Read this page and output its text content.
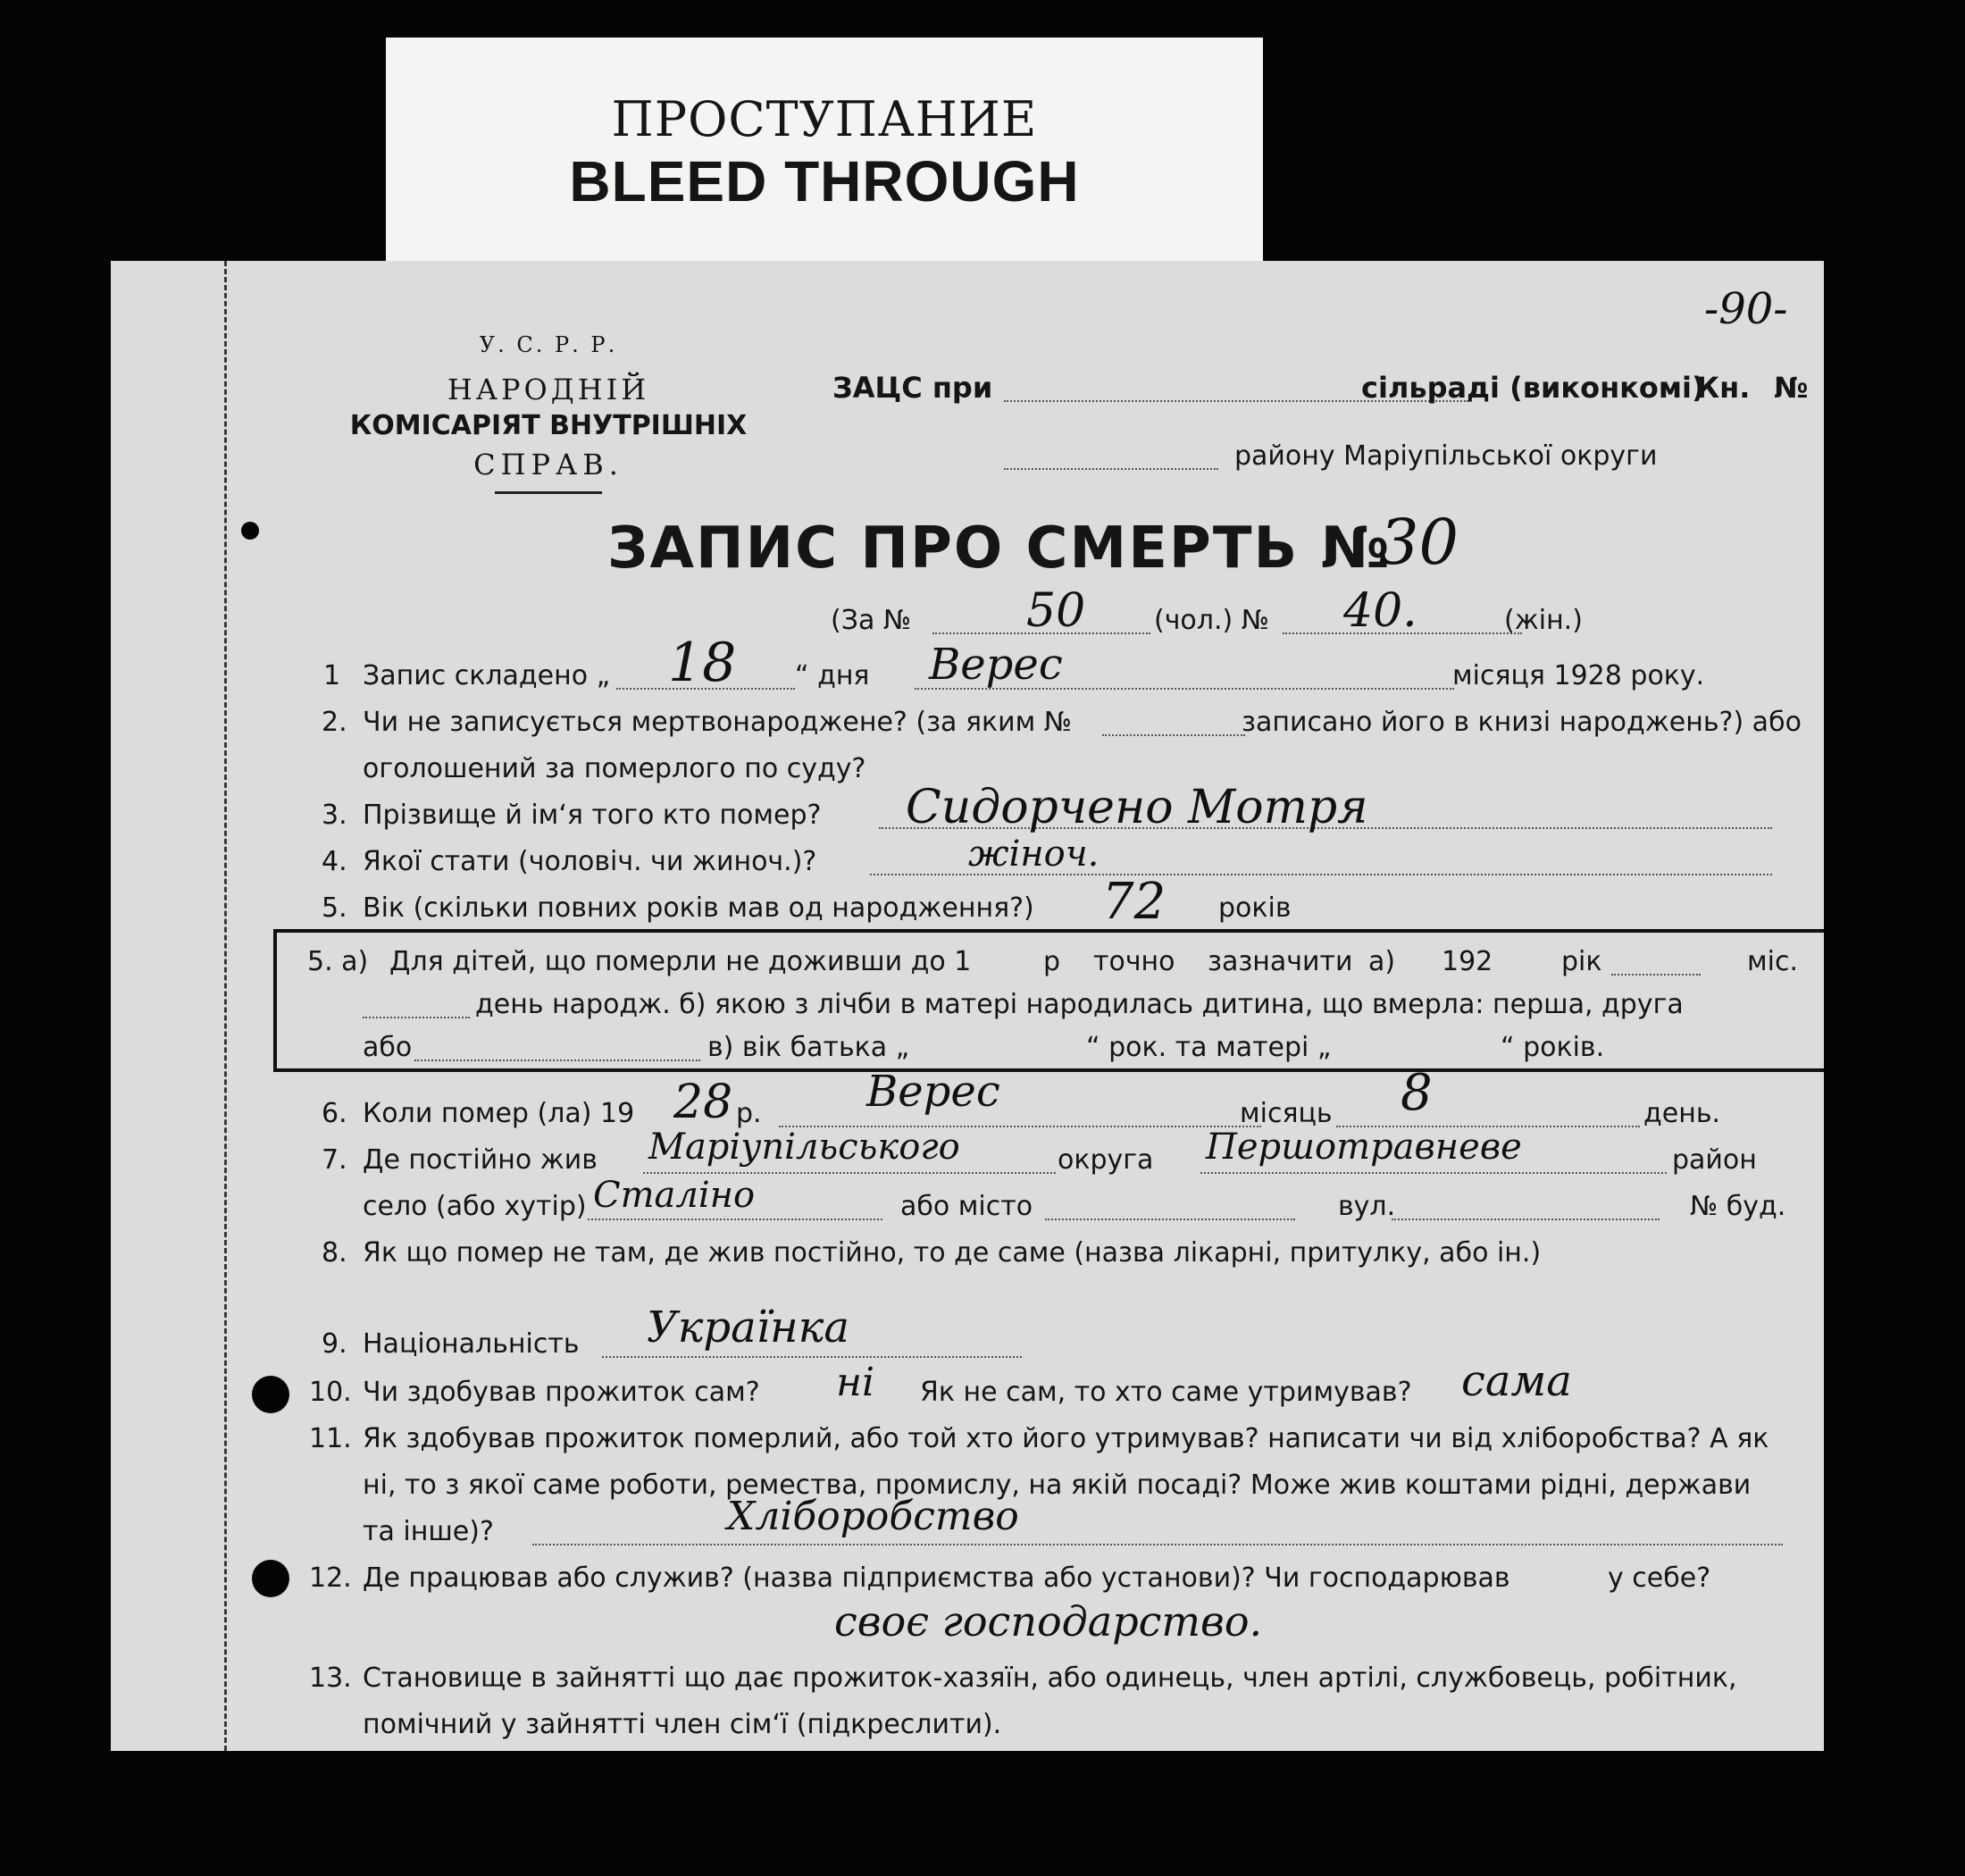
ПРОСТУПАНИЕ
BLEED THROUGH
-90-
У. С. Р. Р.
НАРОДНІЙ
КОМІСАРІЯТ ВНУТРІШНІХ
СПРАВ.
ЗАЦС при	сільраді (виконкомі)
Кн. №
району Маріупільської округи
ЗАПИС ПРО СМЕРТЬ №
30
(За № 50	(чол.) № 40.	(жін.)
1 Запис складено „ 18 “ дня Верес	місяця 1928 року.
2. Чи не записується мертвонароджене? (за яким №	записано його в книзі народжень?) або
оголошений за померлого по суду?
3. Прізвище й ім‘я того кто помер? Сидорчено Мотря
4. Якої стати (чоловіч. чи жиноч.)?	жіноч.
5. Вік (скільки повних років мав од народження?) 72 років
5. а) Для дітей, що померли не доживши до 1	р точно зазначити а) 192	рік	міс.
день народж. б) якою з лічби в матері народилась дитина, що вмерла: перша, друга
або	в) вік батька „	“ рок. та матері „	“ років.
6. Коли помер (ла) 19 28 р. Верес	місяць 8	день.
7. Де постійно жив Маріупільського	округа Першотравневе	район
село (або хутір) Сталіно	або місто	вул.	№ буд.
8. Як що помер не там, де жив постійно, то де саме (назва лікарні, притулку, або ін.)
9. Національність Українка
10. Чи здобував прожиток сам? ні Як не сам, то хто саме утримував? сама
11. Як здобував прожиток померлий, або той хто його утримував? написати чи від хліборобства? А як
ні, то з якої саме роботи, ремества, промислу, на якій посаді? Може жив коштами рідні, держави
та інше)?	Хліборобство
12. Де працював або служив? (назва підприємства або установи)? Чи господарював	у себе?
своє господарство.
13. Становище в зайнятті що дає прожиток-хазяїн, або одинець, член артілі, службовець, робітник,
помічний у зайнятті член сім‘ї (підкреслити).
